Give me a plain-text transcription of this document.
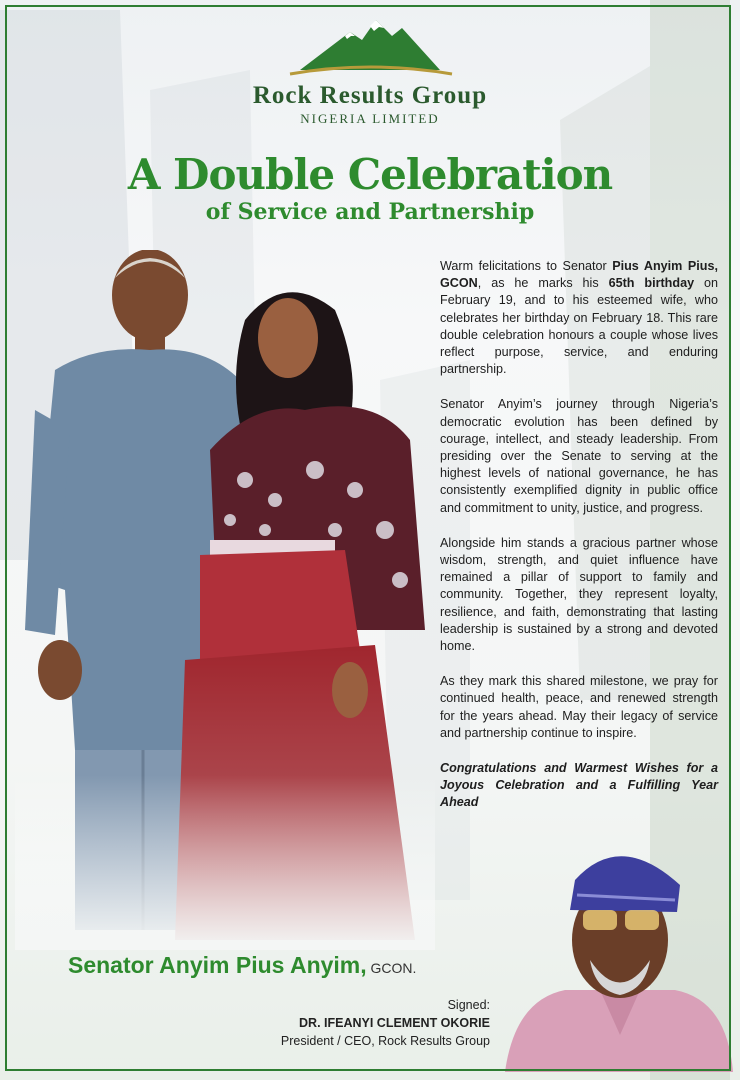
Rock Results Group
NIGERIA LIMITED
A Double Celebration
of Service and Partnership

Warm felicitations to Senator Pius Anyim Pius, GCON, as he marks his 65th birthday on February 19, and to his esteemed wife, who celebrates her birthday on February 18. This rare double celebration honours a couple whose lives reflect purpose, service, and enduring partnership.

Senator Anyim’s journey through Nigeria’s democratic evolution has been defined by courage, intellect, and steady leadership. From presiding over the Senate to serving at the highest levels of national governance, he has consistently exemplified dignity in public office and commitment to unity, justice, and progress.

Alongside him stands a gracious partner whose wisdom, strength, and quiet influence have remained a pillar of support to family and community. Together, they represent loyalty, resilience, and faith, demonstrating that lasting leadership is sustained by a strong and devoted home.

As they mark this shared milestone, we pray for continued health, peace, and renewed strength for the years ahead. May their legacy of service and partnership continue to inspire.

Congratulations and Warmest Wishes for a Joyous Celebration and a Fulfilling Year Ahead

Senator Anyim Pius Anyim, GCON.
Signed:
DR. IFEANYI CLEMENT OKORIE
President / CEO, Rock Results Group
